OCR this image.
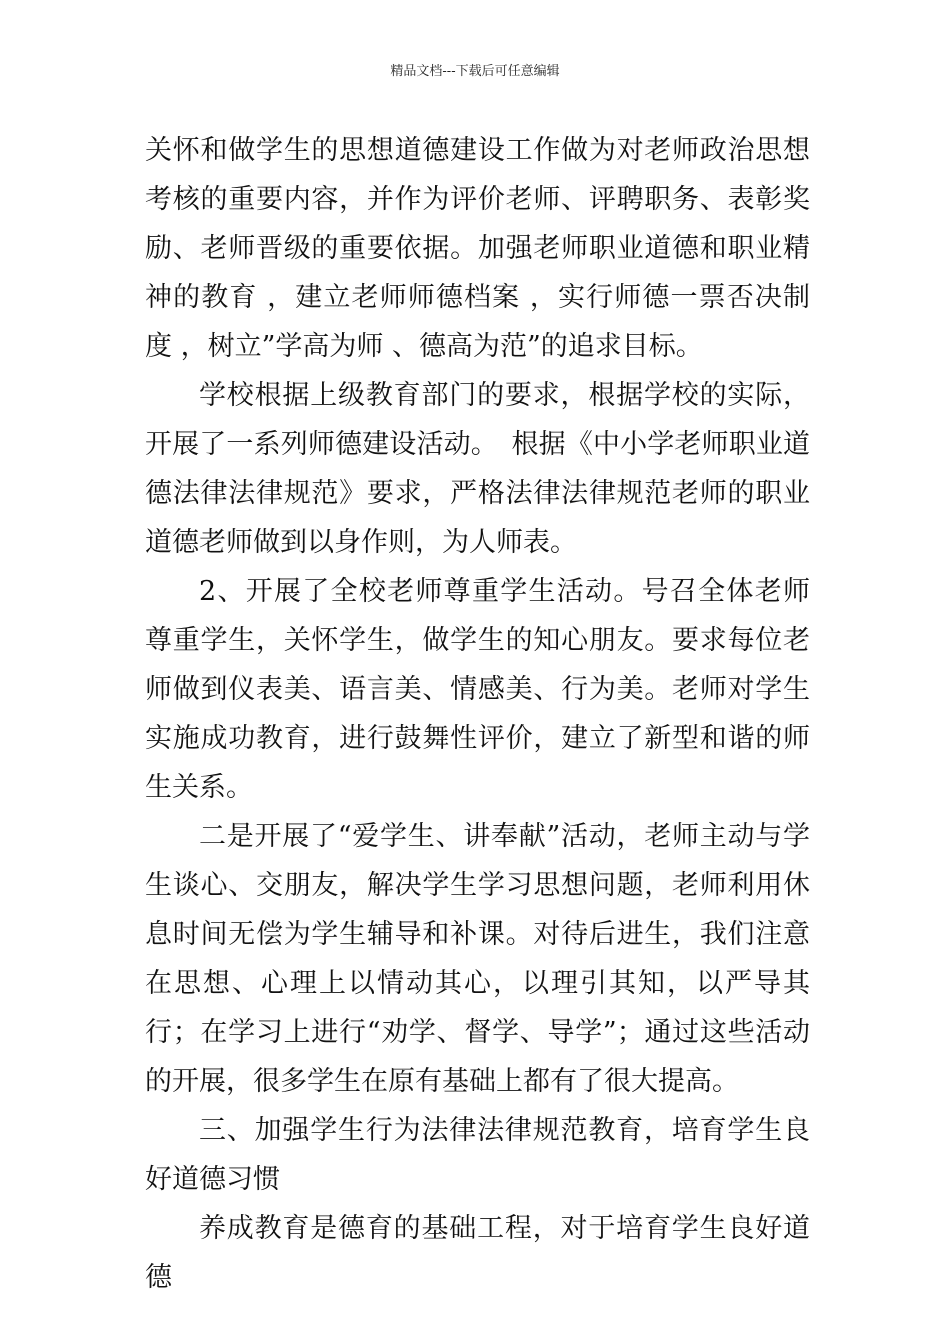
精品文档---下载后可任意编辑

关怀和做学生的思想道德建设工作做为对老师政治思想考核的重要内容，并作为评价老师、评聘职务、表彰奖励、老师晋级的重要依据。加强老师职业道德和职业精神的教育 ，建立老师师德档案 ，实行师德一票否决制度 ，树立”学高为师 、德高为范”的追求目标。

学校根据上级教育部门的要求，根据学校的实际，开展了一系列师德建设活动。　根据《中小学老师职业道德法律法律规范》要求，严格法律法律规范老师的职业道德老师做到以身作则，为人师表。

2、开展了全校老师尊重学生活动。号召全体老师尊重学生，关怀学生，做学生的知心朋友。要求每位老师做到仪表美、语言美、情感美、行为美。老师对学生实施成功教育，进行鼓舞性评价，建立了新型和谐的师生关系。

二是开展了“爱学生、讲奉献”活动，老师主动与学生谈心、交朋友，解决学生学习思想问题，老师利用休息时间无偿为学生辅导和补课。对待后进生，我们注意在思想、心理上以情动其心，以理引其知，以严导其行；在学习上进行“劝学、督学、导学”；通过这些活动的开展，很多学生在原有基础上都有了很大提高。

三、加强学生行为法律法律规范教育，培育学生良好道德习惯

养成教育是德育的基础工程，对于培育学生良好道德
